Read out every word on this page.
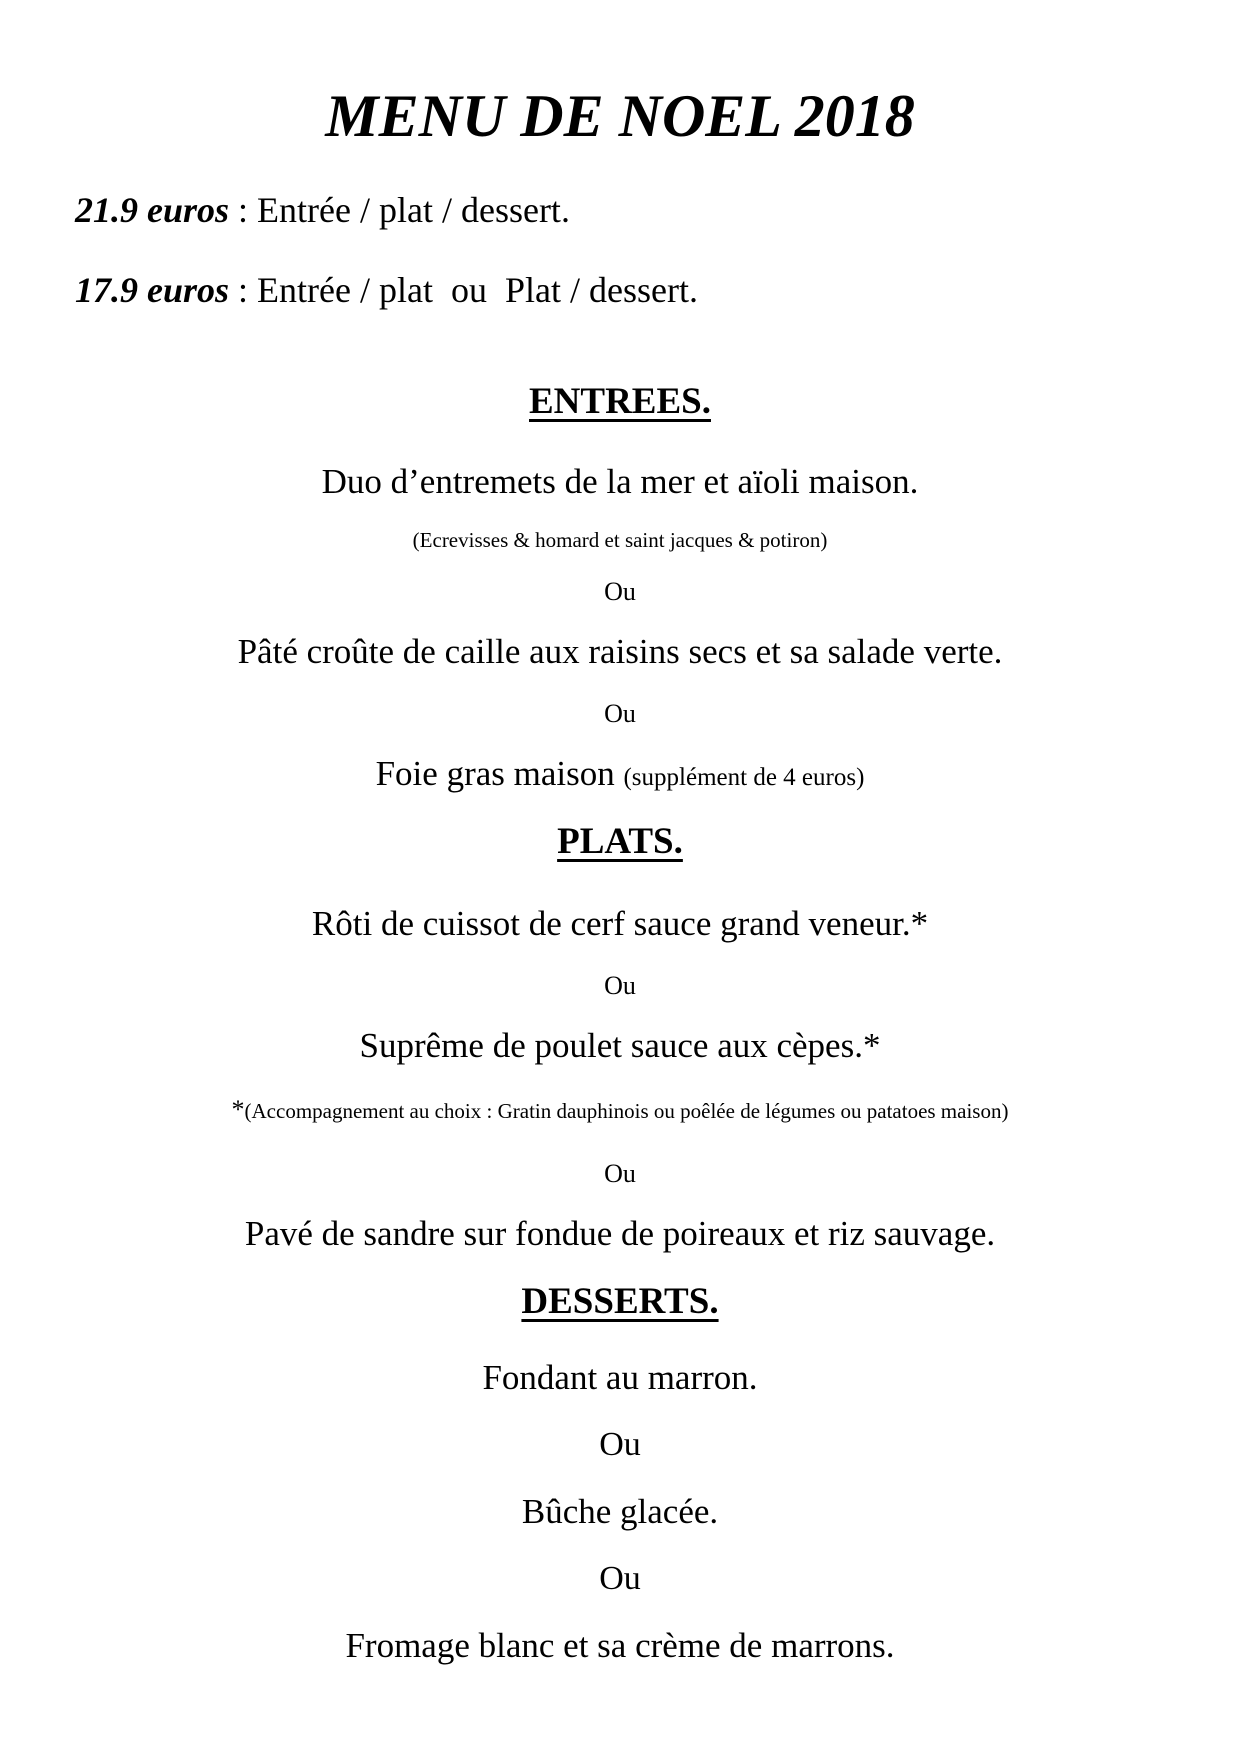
MENU DE NOEL 2018
21.9 euros : Entrée / plat / dessert.
17.9 euros : Entrée / plat  ou  Plat / dessert.
ENTREES.
Duo d’entremets de la mer et aïoli maison.
(Ecrevisses & homard et saint jacques & potiron)
Ou
Pâté croûte de caille aux raisins secs et sa salade verte.
Ou
Foie gras maison (supplément de 4 euros)
PLATS.
Rôti de cuissot de cerf sauce grand veneur.*
Ou
Suprême de poulet sauce aux cèpes.*
*(Accompagnement au choix : Gratin dauphinois ou poêlée de légumes ou patatoes maison)
Ou
Pavé de sandre sur fondue de poireaux et riz sauvage.
DESSERTS.
Fondant au marron.
Ou
Bûche glacée.
Ou
Fromage blanc et sa crème de marrons.
